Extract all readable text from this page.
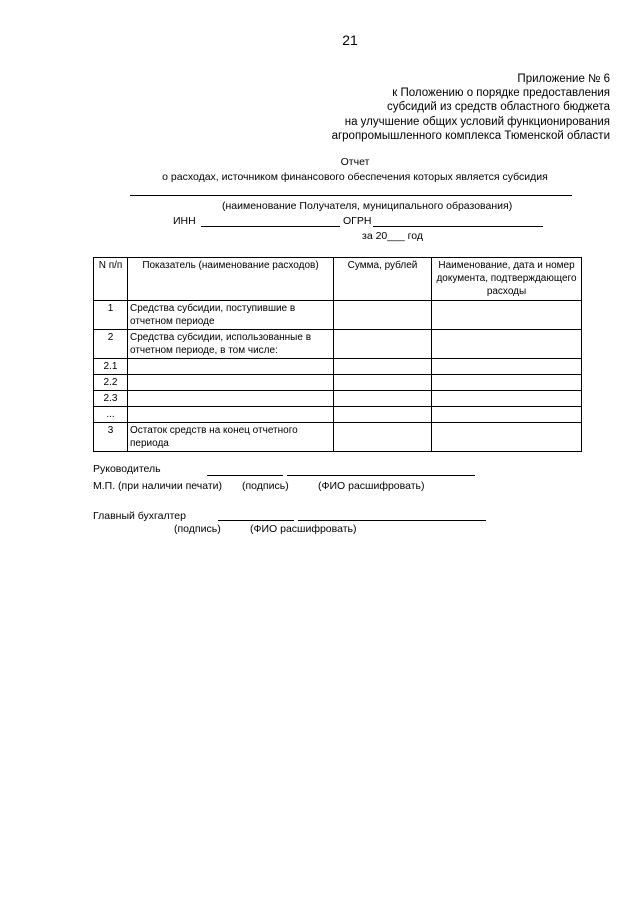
21
Приложение № 6
к Положению о порядке предоставления
субсидий из средств областного бюджета
на улучшение общих условий функционирования
агропромышленного комплекса Тюменской области
Отчет
о расходах, источником финансового обеспечения которых является субсидия
(наименование Получателя, муниципального образования)
ИНН	ОГРН
за 20___ год
N п/п	Показатель (наименование расходов)	Сумма, рублей	Наименование, дата и номер документа, подтверждающего расходы
1	Средства субсидии, поступившие в отчетном периоде		
2	Средства субсидии, использованные в отчетном периоде, в том числе:		
2.1			
2.2			
2.3			
...			
3	Остаток средств на конец отчетного периода		
Руководитель
М.П. (при наличии печати) (подпись)	(ФИО расшифровать)
Главный бухгалтер
(подпись)	(ФИО расшифровать)
